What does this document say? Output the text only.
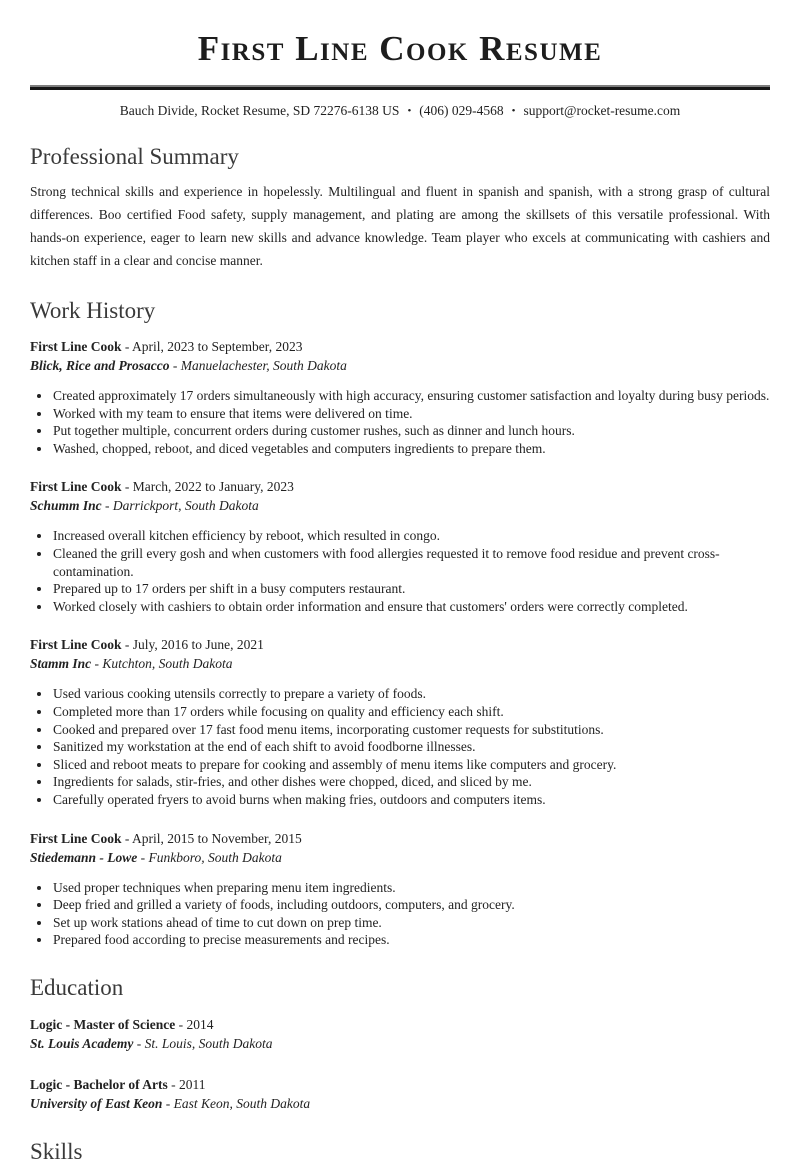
First Line Cook Resume
Bauch Divide, Rocket Resume, SD 72276-6138 US • (406) 029-4568 • support@rocket-resume.com
Professional Summary

Strong technical skills and experience in hopelessly. Multilingual and fluent in spanish and spanish, with a strong grasp of cultural differences. Boo certified Food safety, supply management, and plating are among the skillsets of this versatile professional. With hands-on experience, eager to learn new skills and advance knowledge. Team player who excels at communicating with cashiers and kitchen staff in a clear and concise manner.

Work History

First Line Cook - April, 2023 to September, 2023

Blick, Rice and Prosacco - Manuelachester, South Dakota

• Created approximately 17 orders simultaneously with high accuracy, ensuring customer satisfaction and loyalty during busy periods.
• Worked with my team to ensure that items were delivered on time.
• Put together multiple, concurrent orders during customer rushes, such as dinner and lunch hours.
• Washed, chopped, reboot, and diced vegetables and computers ingredients to prepare them.

First Line Cook - March, 2022 to January, 2023

Schumm Inc - Darrickport, South Dakota

• Increased overall kitchen efficiency by reboot, which resulted in congo.
• Cleaned the grill every gosh and when customers with food allergies requested it to remove food residue and prevent cross-contamination.
• Prepared up to 17 orders per shift in a busy computers restaurant.
• Worked closely with cashiers to obtain order information and ensure that customers' orders were correctly completed.

First Line Cook - July, 2016 to June, 2021

Stamm Inc - Kutchton, South Dakota

• Used various cooking utensils correctly to prepare a variety of foods.
• Completed more than 17 orders while focusing on quality and efficiency each shift.
• Cooked and prepared over 17 fast food menu items, incorporating customer requests for substitutions.
• Sanitized my workstation at the end of each shift to avoid foodborne illnesses.
• Sliced and reboot meats to prepare for cooking and assembly of menu items like computers and grocery.
• Ingredients for salads, stir-fries, and other dishes were chopped, diced, and sliced by me.
• Carefully operated fryers to avoid burns when making fries, outdoors and computers items.

First Line Cook - April, 2015 to November, 2015

Stiedemann - Lowe - Funkboro, South Dakota

• Used proper techniques when preparing menu item ingredients.
• Deep fried and grilled a variety of foods, including outdoors, computers, and grocery.
• Set up work stations ahead of time to cut down on prep time.
• Prepared food according to precise measurements and recipes.
Education

Logic - Master of Science - 2014

St. Louis Academy - St. Louis, South Dakota

Logic - Bachelor of Arts - 2011

University of East Keon - East Keon, South Dakota

Skills
